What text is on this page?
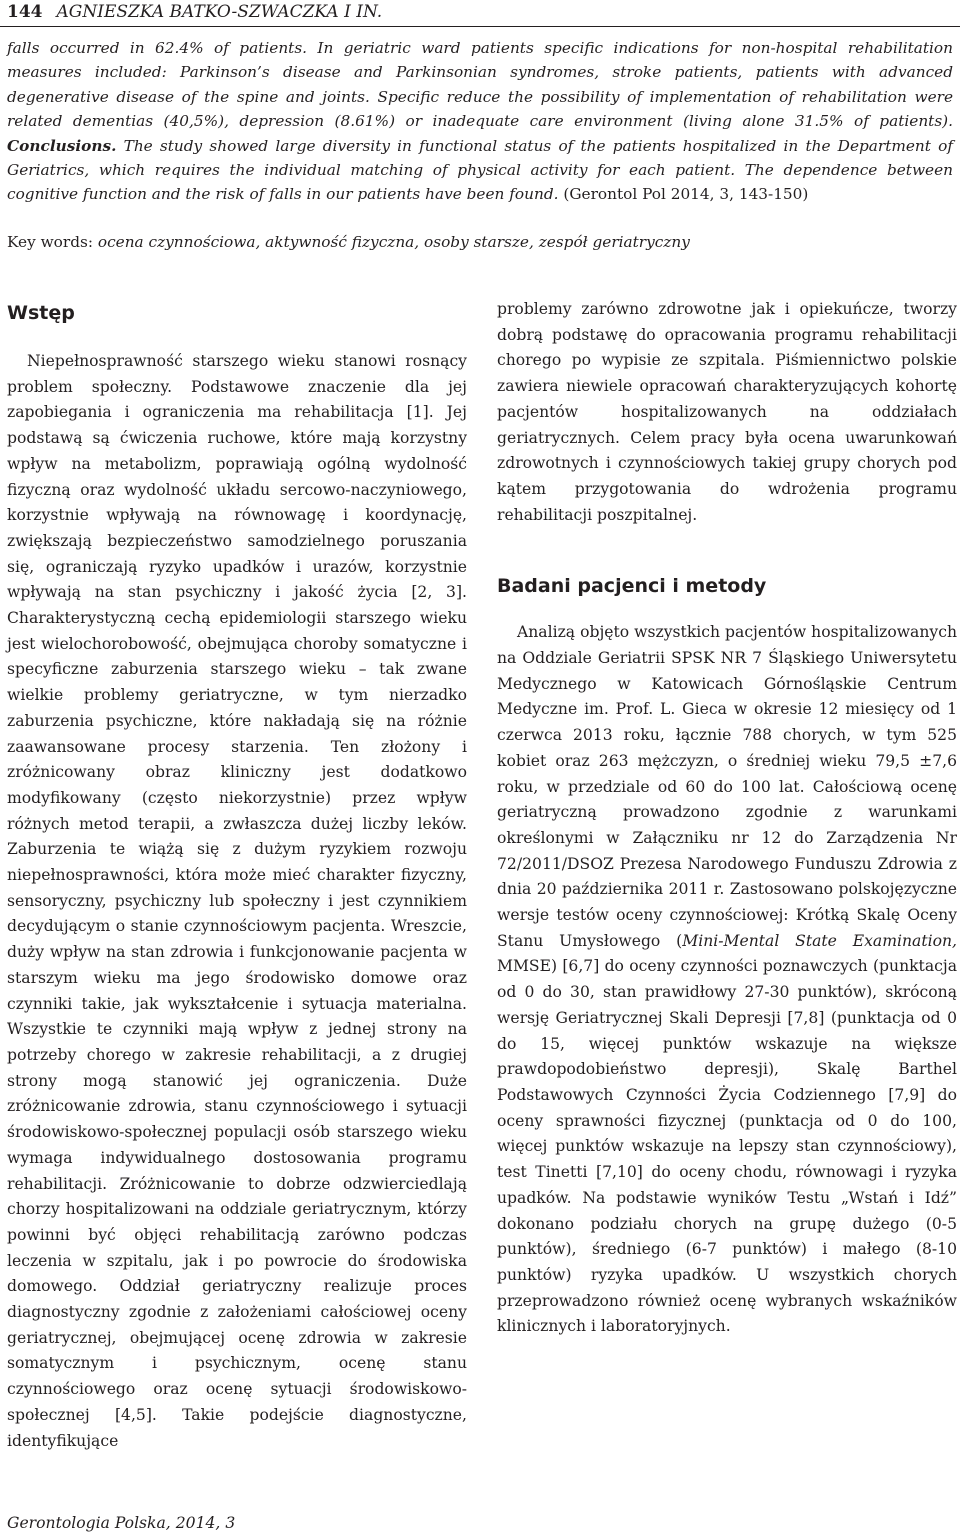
144 AGNIESZKA BATKO-SZWACZKA I IN.
falls occurred in 62.4% of patients. In geriatric ward patients specific indications for non-hospital rehabilitation measures included: Parkinson’s disease and Parkinsonian syndromes, stroke patients, patients with advanced degenerative disease of the spine and joints. Specific reduce the possibility of implementation of rehabilitation were related dementias (40,5%), depression (8.61%) or inadequate care environment (living alone 31.5% of patients). Conclusions. The study showed large diversity in functional status of the patients hospitalized in the Department of Geriatrics, which requires the individual matching of physical activity for each patient. The dependence between cognitive function and the risk of falls in our patients have been found. (Gerontol Pol 2014, 3, 143-150)
Key words: ocena czynnościowa, aktywność fizyczna, osoby starsze, zespół geriatryczny
Wstęp

Niepełnosprawność starszego wieku stanowi rosnący problem społeczny. Podstawowe znaczenie dla jej zapobiegania i ograniczenia ma rehabilitacja [1]. Jej podstawą są ćwiczenia ruchowe, które mają korzystny wpływ na metabolizm, poprawiają ogólną wydolność fizyczną oraz wydolność układu sercowo-naczyniowego, korzystnie wpływają na równowagę i koordynację, zwiększają bezpieczeństwo samodzielnego poruszania się, ograniczają ryzyko upadków i urazów, korzystnie wpływają na stan psychiczny i jakość życia [2, 3]. Charakterystyczną cechą epidemiologii starszego wieku jest wielochorobowość, obejmująca choroby somatyczne i specyficzne zaburzenia starszego wieku – tak zwane wielkie problemy geriatryczne, w tym nierzadko zaburzenia psychiczne, które nakładają się na różnie zaawansowane procesy starzenia. Ten złożony i zróżnicowany obraz kliniczny jest dodatkowo modyfikowany (często niekorzystnie) przez wpływ różnych metod terapii, a zwłaszcza dużej liczby leków. Zaburzenia te wiążą się z dużym ryzykiem rozwoju niepełnosprawności, która może mieć charakter fizyczny, sensoryczny, psychiczny lub społeczny i jest czynnikiem decydującym o stanie czynnościowym pacjenta. Wreszcie, duży wpływ na stan zdrowia i funkcjonowanie pacjenta w starszym wieku ma jego środowisko domowe oraz czynniki takie, jak wykształcenie i sytuacja materialna. Wszystkie te czynniki mają wpływ z jednej strony na potrzeby chorego w zakresie rehabilitacji, a z drugiej strony mogą stanowić jej ograniczenia. Duże zróżnicowanie zdrowia, stanu czynnościowego i sytuacji środowiskowo-społecznej populacji osób starszego wieku wymaga indywidualnego dostosowania programu rehabilitacji. Zróżnicowanie to dobrze odzwierciedlają chorzy hospitalizowani na oddziale geriatrycznym, którzy powinni być objęci rehabilitacją zarówno podczas leczenia w szpitalu, jak i po powrocie do środowiska domowego. Oddział geriatryczny realizuje proces diagnostyczny zgodnie z założeniami całościowej oceny geriatrycznej, obejmującej ocenę zdrowia w zakresie somatycznym i psychicznym, ocenę stanu czynnościowego oraz ocenę sytuacji środowiskowo-społecznej [4,5]. Takie podejście diagnostyczne, identyfikujące

problemy zarówno zdrowotne jak i opiekuńcze, tworzy dobrą podstawę do opracowania programu rehabilitacji chorego po wypisie ze szpitala. Piśmiennictwo polskie zawiera niewiele opracowań charakteryzujących kohortę pacjentów hospitalizowanych na oddziałach geriatrycznych. Celem pracy była ocena uwarunkowań zdrowotnych i czynnościowych takiej grupy chorych pod kątem przygotowania do wdrożenia programu rehabilitacji poszpitalnej.

Badani pacjenci i metody

Analizą objęto wszystkich pacjentów hospitalizowanych na Oddziale Geriatrii SPSK NR 7 Śląskiego Uniwersytetu Medycznego w Katowicach Górnośląskie Centrum Medyczne im. Prof. L. Gieca w okresie 12 miesięcy od 1 czerwca 2013 roku, łącznie 788 chorych, w tym 525 kobiet oraz 263 mężczyzn, o średniej wieku 79,5 ±7,6 roku, w przedziale od 60 do 100 lat. Całościową ocenę geriatryczną prowadzono zgodnie z warunkami określonymi w Załączniku nr 12 do Zarządzenia Nr 72/2011/DSOZ Prezesa Narodowego Funduszu Zdrowia z dnia 20 października 2011 r. Zastosowano polskojęzyczne wersje testów oceny czynnościowej: Krótką Skalę Oceny Stanu Umysłowego (Mini-Mental State Examination, MMSE) [6,7] do oceny czynności poznawczych (punktacja od 0 do 30, stan prawidłowy 27-30 punktów), skróconą wersję Geriatrycznej Skali Depresji [7,8] (punktacja od 0 do 15, więcej punktów wskazuje na większe prawdopodobieństwo depresji), Skalę Barthel Podstawowych Czynności Życia Codziennego [7,9] do oceny sprawności fizycznej (punktacja od 0 do 100, więcej punktów wskazuje na lepszy stan czynnościowy), test Tinetti [7,10] do oceny chodu, równowagi i ryzyka upadków. Na podstawie wyników Testu „Wstań i Idź” dokonano podziału chorych na grupę dużego (0-5 punktów), średniego (6-7 punktów) i małego (8-10 punktów) ryzyka upadków. U wszystkich chorych przeprowadzono również ocenę wybranych wskaźników klinicznych i laboratoryjnych.

Gerontologia Polska, 2014, 3
